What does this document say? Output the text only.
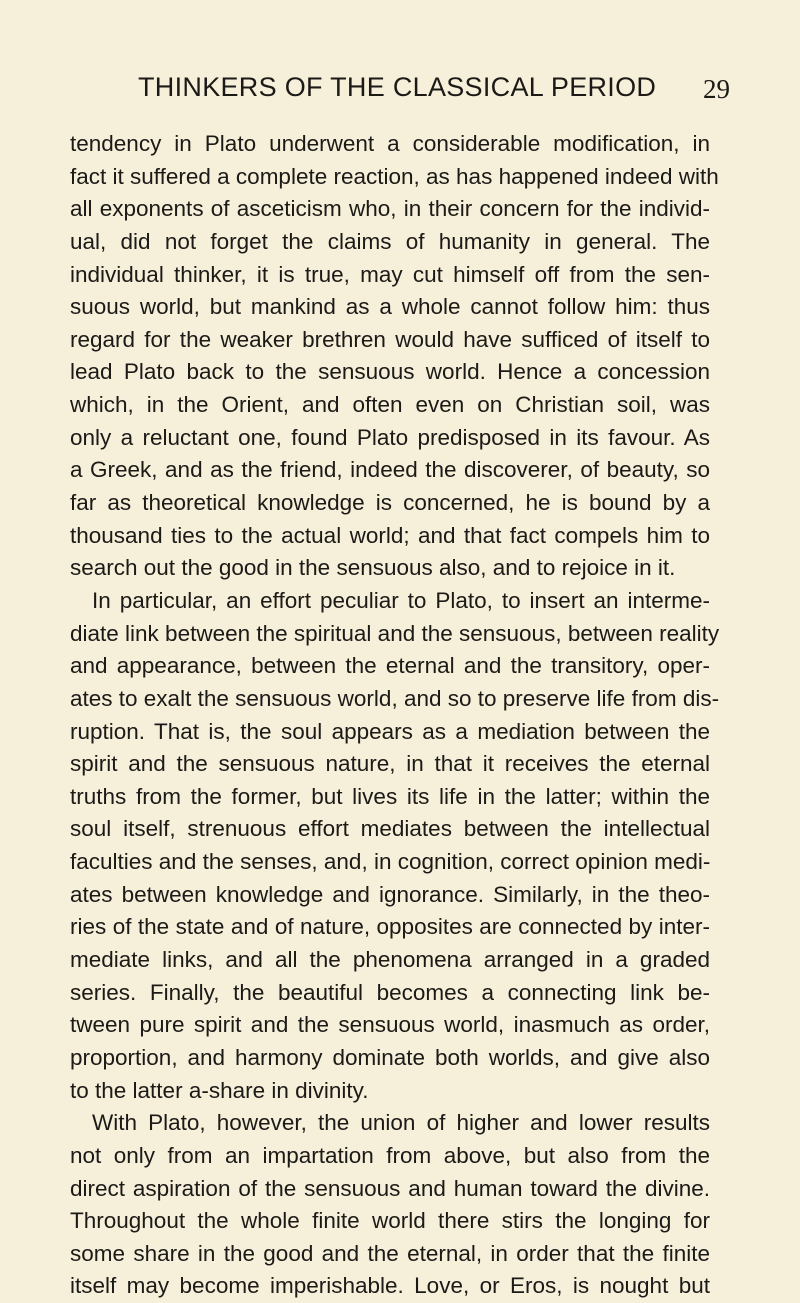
THINKERS OF THE CLASSICAL PERIOD 29
tendency in Plato underwent a considerable modification, in
fact it suffered a complete reaction, as has happened indeed with
all exponents of asceticism who, in their concern for the individ-
ual, did not forget the claims of humanity in general. The
individual thinker, it is true, may cut himself off from the sen-
suous world, but mankind as a whole cannot follow him: thus
regard for the weaker brethren would have sufficed of itself to
lead Plato back to the sensuous world. Hence a concession
which, in the Orient, and often even on Christian soil, was
only a reluctant one, found Plato predisposed in its favour. As
a Greek, and as the friend, indeed the discoverer, of beauty, so
far as theoretical knowledge is concerned, he is bound by a
thousand ties to the actual world; and that fact compels him to
search out the good in the sensuous also, and to rejoice in it.
In particular, an effort peculiar to Plato, to insert an interme-
diate link between the spiritual and the sensuous, between reality
and appearance, between the eternal and the transitory, oper-
ates to exalt the sensuous world, and so to preserve life from dis-
ruption. That is, the soul appears as a mediation between the
spirit and the sensuous nature, in that it receives the eternal
truths from the former, but lives its life in the latter; within the
soul itself, strenuous effort mediates between the intellectual
faculties and the senses, and, in cognition, correct opinion medi-
ates between knowledge and ignorance. Similarly, in the theo-
ries of the state and of nature, opposites are connected by inter-
mediate links, and all the phenomena arranged in a graded
series. Finally, the beautiful becomes a connecting link be-
tween pure spirit and the sensuous world, inasmuch as order,
proportion, and harmony dominate both worlds, and give also
to the latter a-share in divinity.
With Plato, however, the union of higher and lower results
not only from an impartation from above, but also from the
direct aspiration of the sensuous and human toward the divine.
Throughout the whole finite world there stirs the longing for
some share in the good and the eternal, in order that the finite
itself may become imperishable. Love, or Eros, is nought but
